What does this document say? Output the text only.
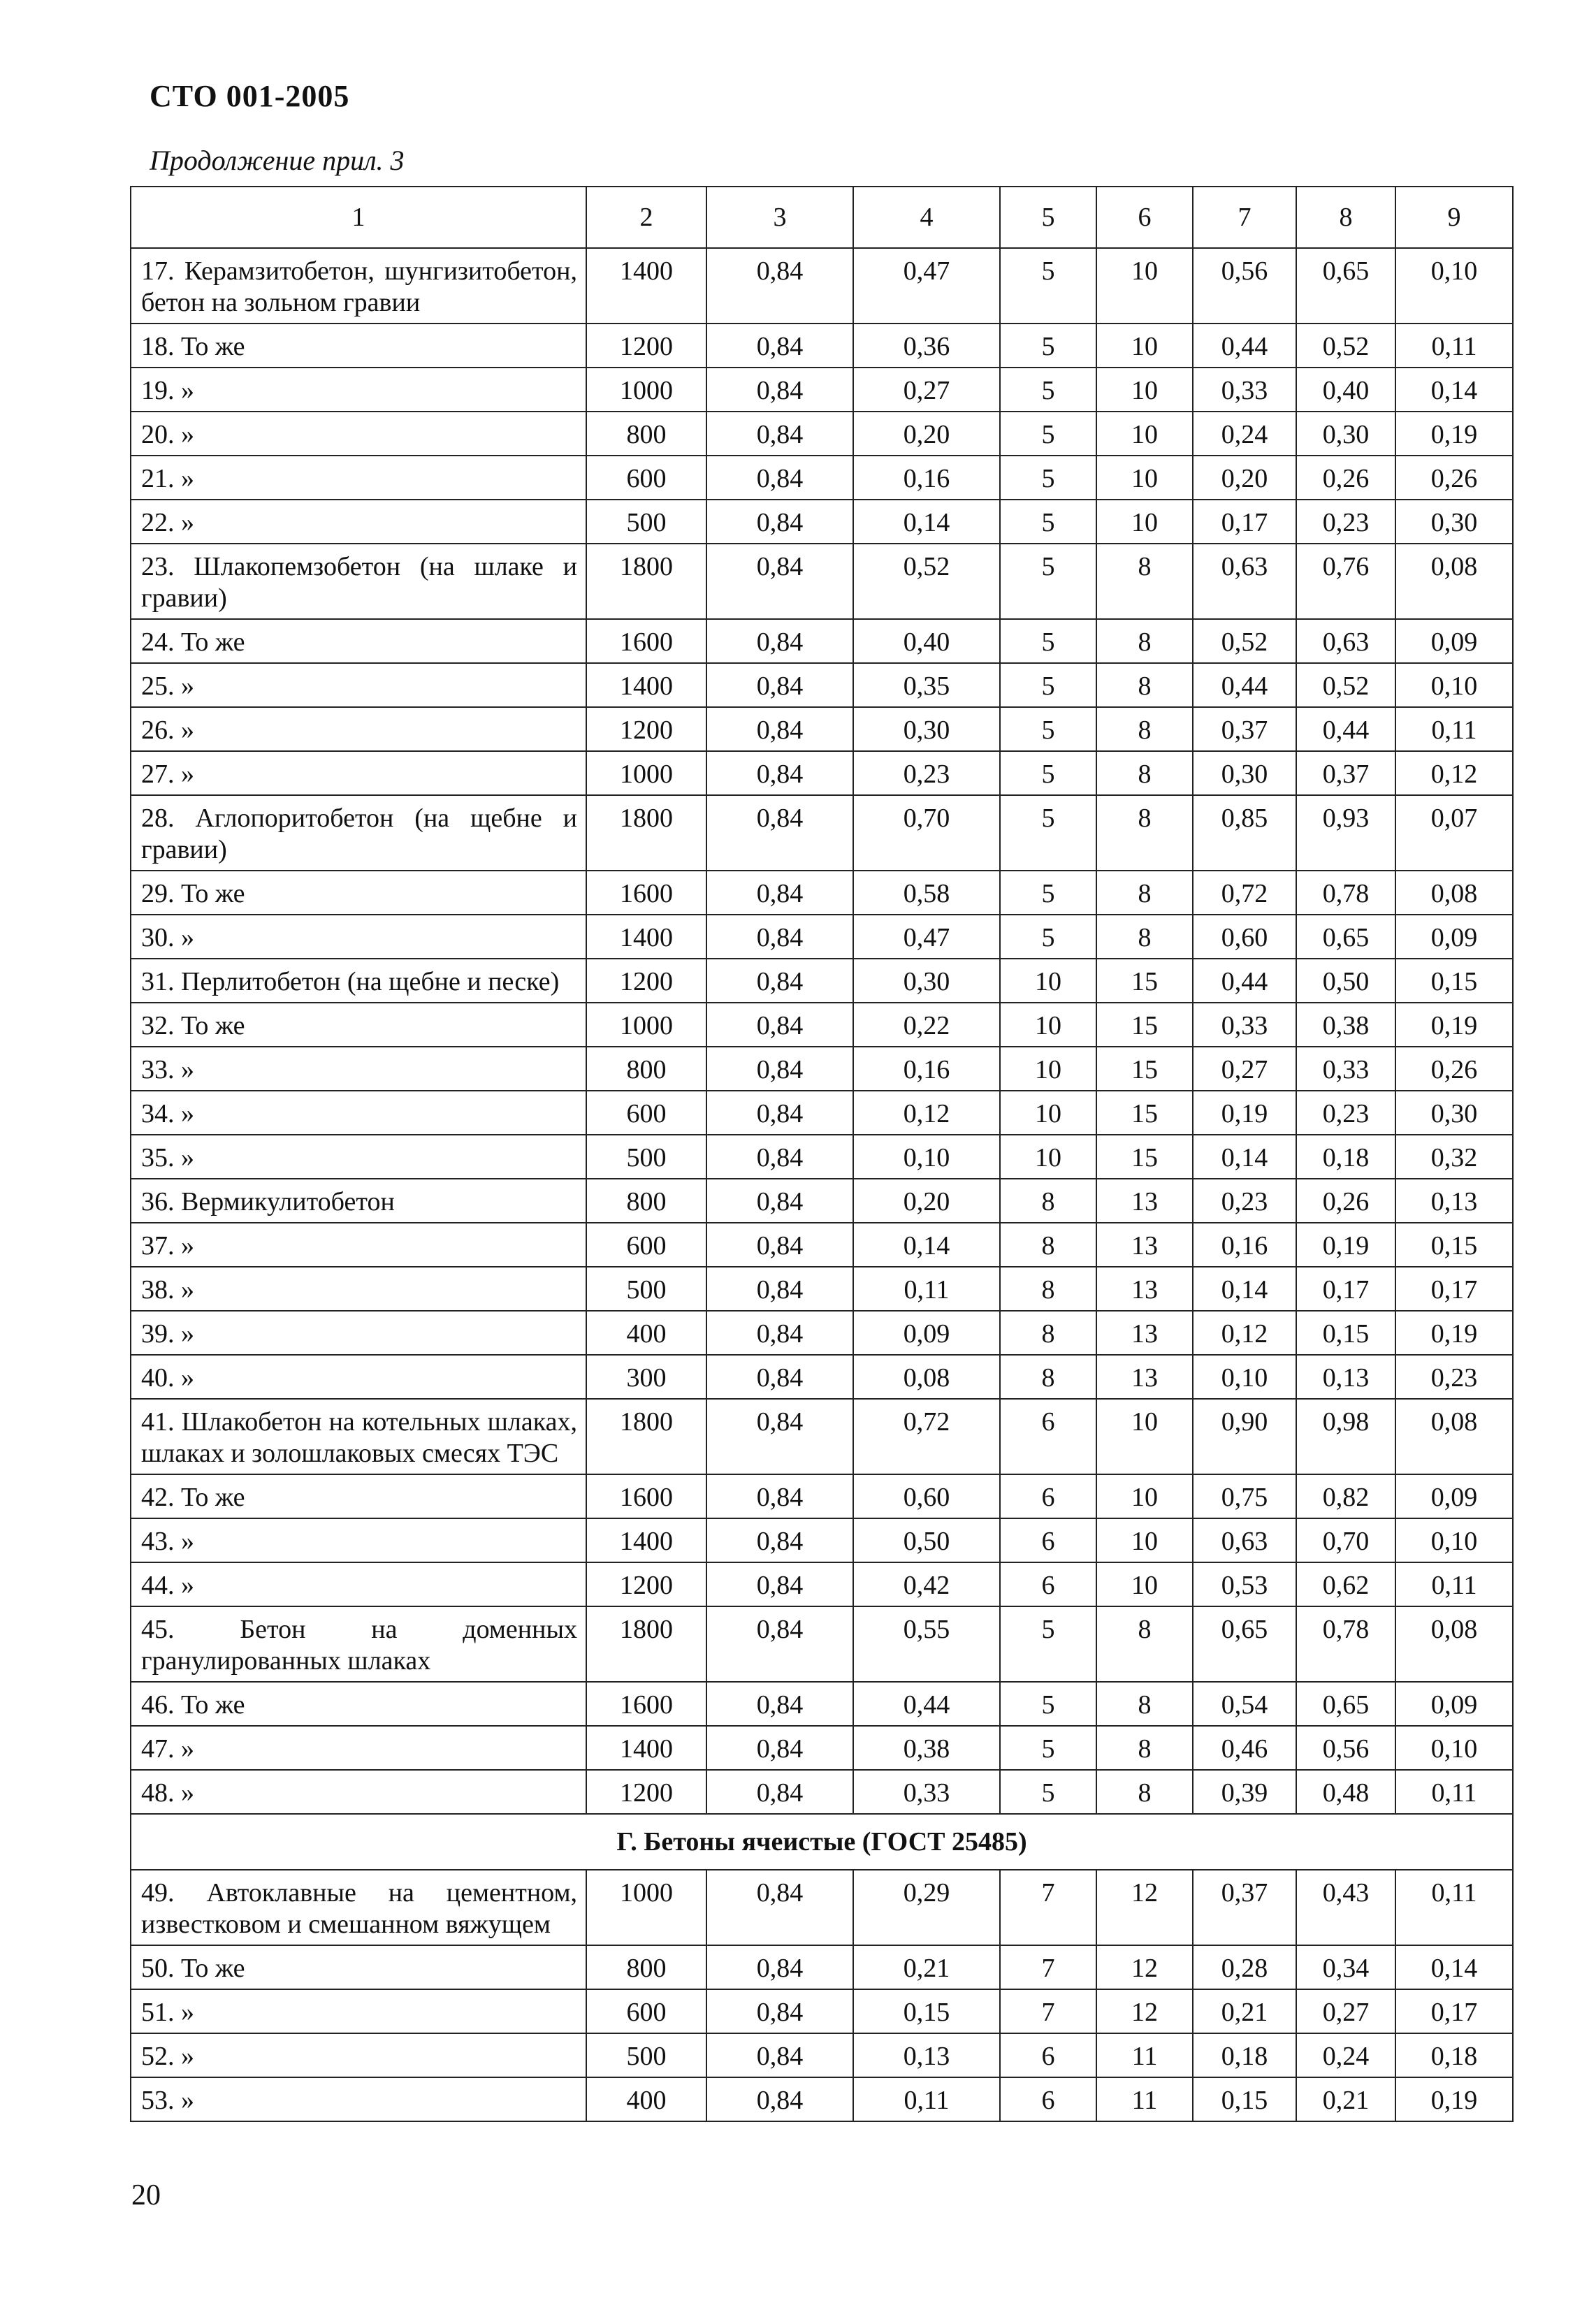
СТО 001-2005
Продолжение прил. 3
1	2	3	4	5	6	7	8	9
17. Керамзитобетон, шунгизитобетон, бетон на зольном гравии	1400	0,84	0,47	5	10	0,56	0,65	0,10
18. То же	1200	0,84	0,36	5	10	0,44	0,52	0,11
19. »	1000	0,84	0,27	5	10	0,33	0,40	0,14
20. »	800	0,84	0,20	5	10	0,24	0,30	0,19
21. »	600	0,84	0,16	5	10	0,20	0,26	0,26
22. »	500	0,84	0,14	5	10	0,17	0,23	0,30
23. Шлакопемзобетон (на шлаке и гравии)	1800	0,84	0,52	5	8	0,63	0,76	0,08
24. То же	1600	0,84	0,40	5	8	0,52	0,63	0,09
25. »	1400	0,84	0,35	5	8	0,44	0,52	0,10
26. »	1200	0,84	0,30	5	8	0,37	0,44	0,11
27. »	1000	0,84	0,23	5	8	0,30	0,37	0,12
28. Аглопоритобетон (на щебне и гравии)	1800	0,84	0,70	5	8	0,85	0,93	0,07
29. То же	1600	0,84	0,58	5	8	0,72	0,78	0,08
30. »	1400	0,84	0,47	5	8	0,60	0,65	0,09
31. Перлитобетон (на щебне и песке)	1200	0,84	0,30	10	15	0,44	0,50	0,15
32. То же	1000	0,84	0,22	10	15	0,33	0,38	0,19
33. »	800	0,84	0,16	10	15	0,27	0,33	0,26
34. »	600	0,84	0,12	10	15	0,19	0,23	0,30
35. »	500	0,84	0,10	10	15	0,14	0,18	0,32
36. Вермикулитобетон	800	0,84	0,20	8	13	0,23	0,26	0,13
37. »	600	0,84	0,14	8	13	0,16	0,19	0,15
38. »	500	0,84	0,11	8	13	0,14	0,17	0,17
39. »	400	0,84	0,09	8	13	0,12	0,15	0,19
40. »	300	0,84	0,08	8	13	0,10	0,13	0,23
41. Шлакобетон на котельных шлаках, шлаках и золошлаковых смесях ТЭС	1800	0,84	0,72	6	10	0,90	0,98	0,08
42. То же	1600	0,84	0,60	6	10	0,75	0,82	0,09
43. »	1400	0,84	0,50	6	10	0,63	0,70	0,10
44. »	1200	0,84	0,42	6	10	0,53	0,62	0,11
45. Бетон на доменных гранулированных шлаках	1800	0,84	0,55	5	8	0,65	0,78	0,08
46. То же	1600	0,84	0,44	5	8	0,54	0,65	0,09
47. »	1400	0,84	0,38	5	8	0,46	0,56	0,10
48. »	1200	0,84	0,33	5	8	0,39	0,48	0,11
Г. Бетоны ячеистые (ГОСТ 25485)								
49. Автоклавные на цементном, известковом и смешанном вяжущем	1000	0,84	0,29	7	12	0,37	0,43	0,11
50. То же	800	0,84	0,21	7	12	0,28	0,34	0,14
51. »	600	0,84	0,15	7	12	0,21	0,27	0,17
52. »	500	0,84	0,13	6	11	0,18	0,24	0,18
53. »	400	0,84	0,11	6	11	0,15	0,21	0,19
20
